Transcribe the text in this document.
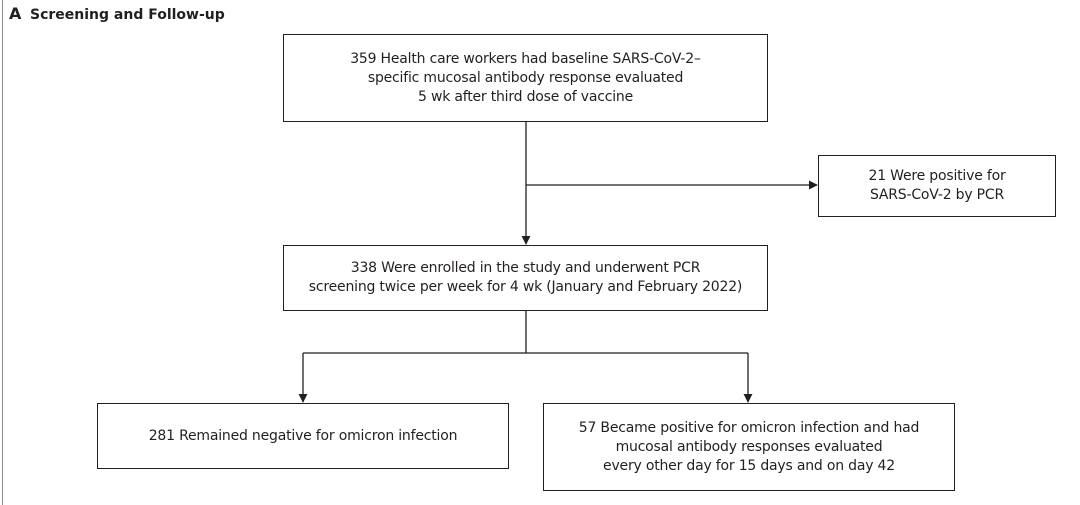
A Screening and Follow-up
359 Health care workers had baseline SARS-CoV-2–
specific mucosal antibody response evaluated
5 wk after third dose of vaccine
21 Were positive for
SARS-CoV-2 by PCR
338 Were enrolled in the study and underwent PCR
screening twice per week for 4 wk (January and February 2022)
281 Remained negative for omicron infection	57 Became positive for omicron infection and had
mucosal antibody responses evaluated
every other day for 15 days and on day 42
